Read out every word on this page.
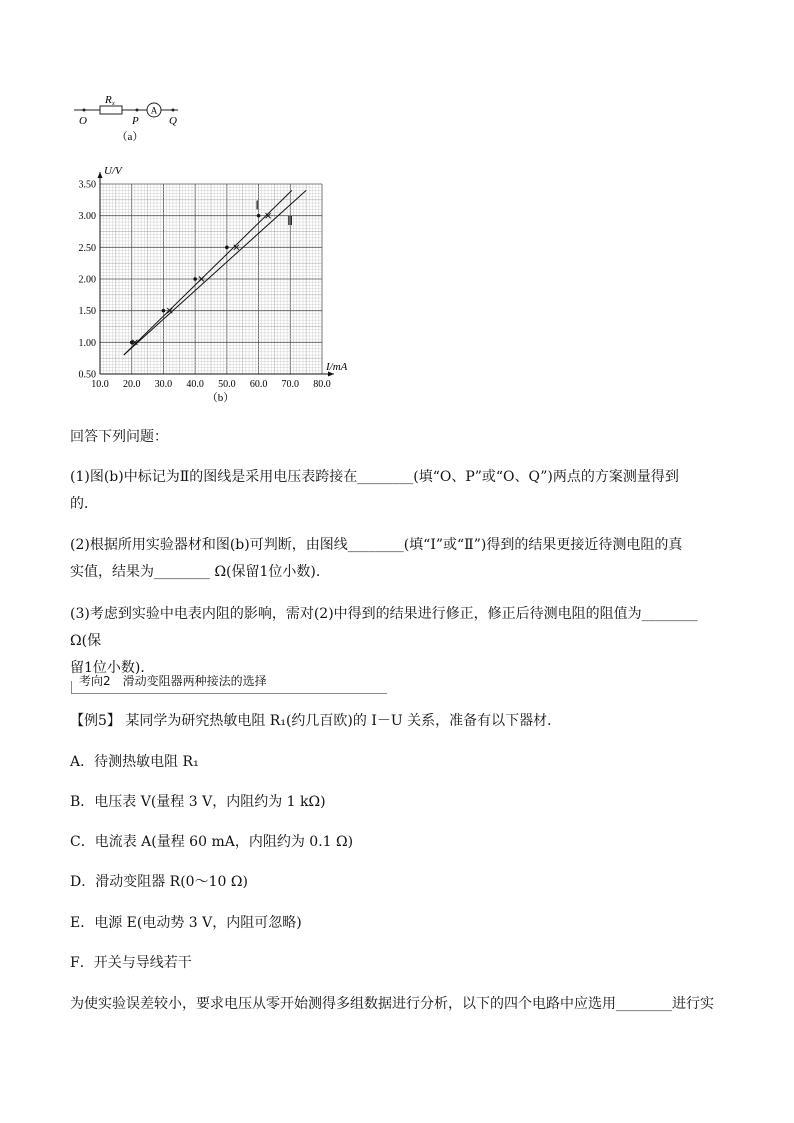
A
R x
O	P	Q
（a）
10.0 20.0 30.0 40.0 50.0 60.0 70.0 80.0
0.50
1.00
1.50
2.00
2.50
3.00
3.50
I/mA
U/V
Ⅰ
Ⅱ
（b）
回答下列问题：
(1)图(b)中标记为Ⅱ的图线是采用电压表跨接在________(填“O、P”或“O、Q”)两点的方案测量得到
的．
(2)根据所用实验器材和图(b)可判断，由图线________(填“Ⅰ”或“Ⅱ”)得到的结果更接近待测电阻的真
实值，结果为________ Ω(保留1位小数)．
(3)考虑到实验中电表内阻的影响，需对(2)中得到的结果进行修正，修正后待测电阻的阻值为________ Ω(保
留1位小数)．
考向2　滑动变阻器两种接法的选择
【例5】 某同学为研究热敏电阻 R₁(约几百欧)的 I－U 关系，准备有以下器材．
A．待测热敏电阻 R₁
B．电压表 V(量程 3 V，内阻约为 1 kΩ)
C．电流表 A(量程 60 mA，内阻约为 0.1 Ω)
D．滑动变阻器 R(0～10 Ω)
E．电源 E(电动势 3 V，内阻可忽略)
F．开关与导线若干
为使实验误差较小，要求电压从零开始测得多组数据进行分析，以下的四个电路中应选用________进行实
